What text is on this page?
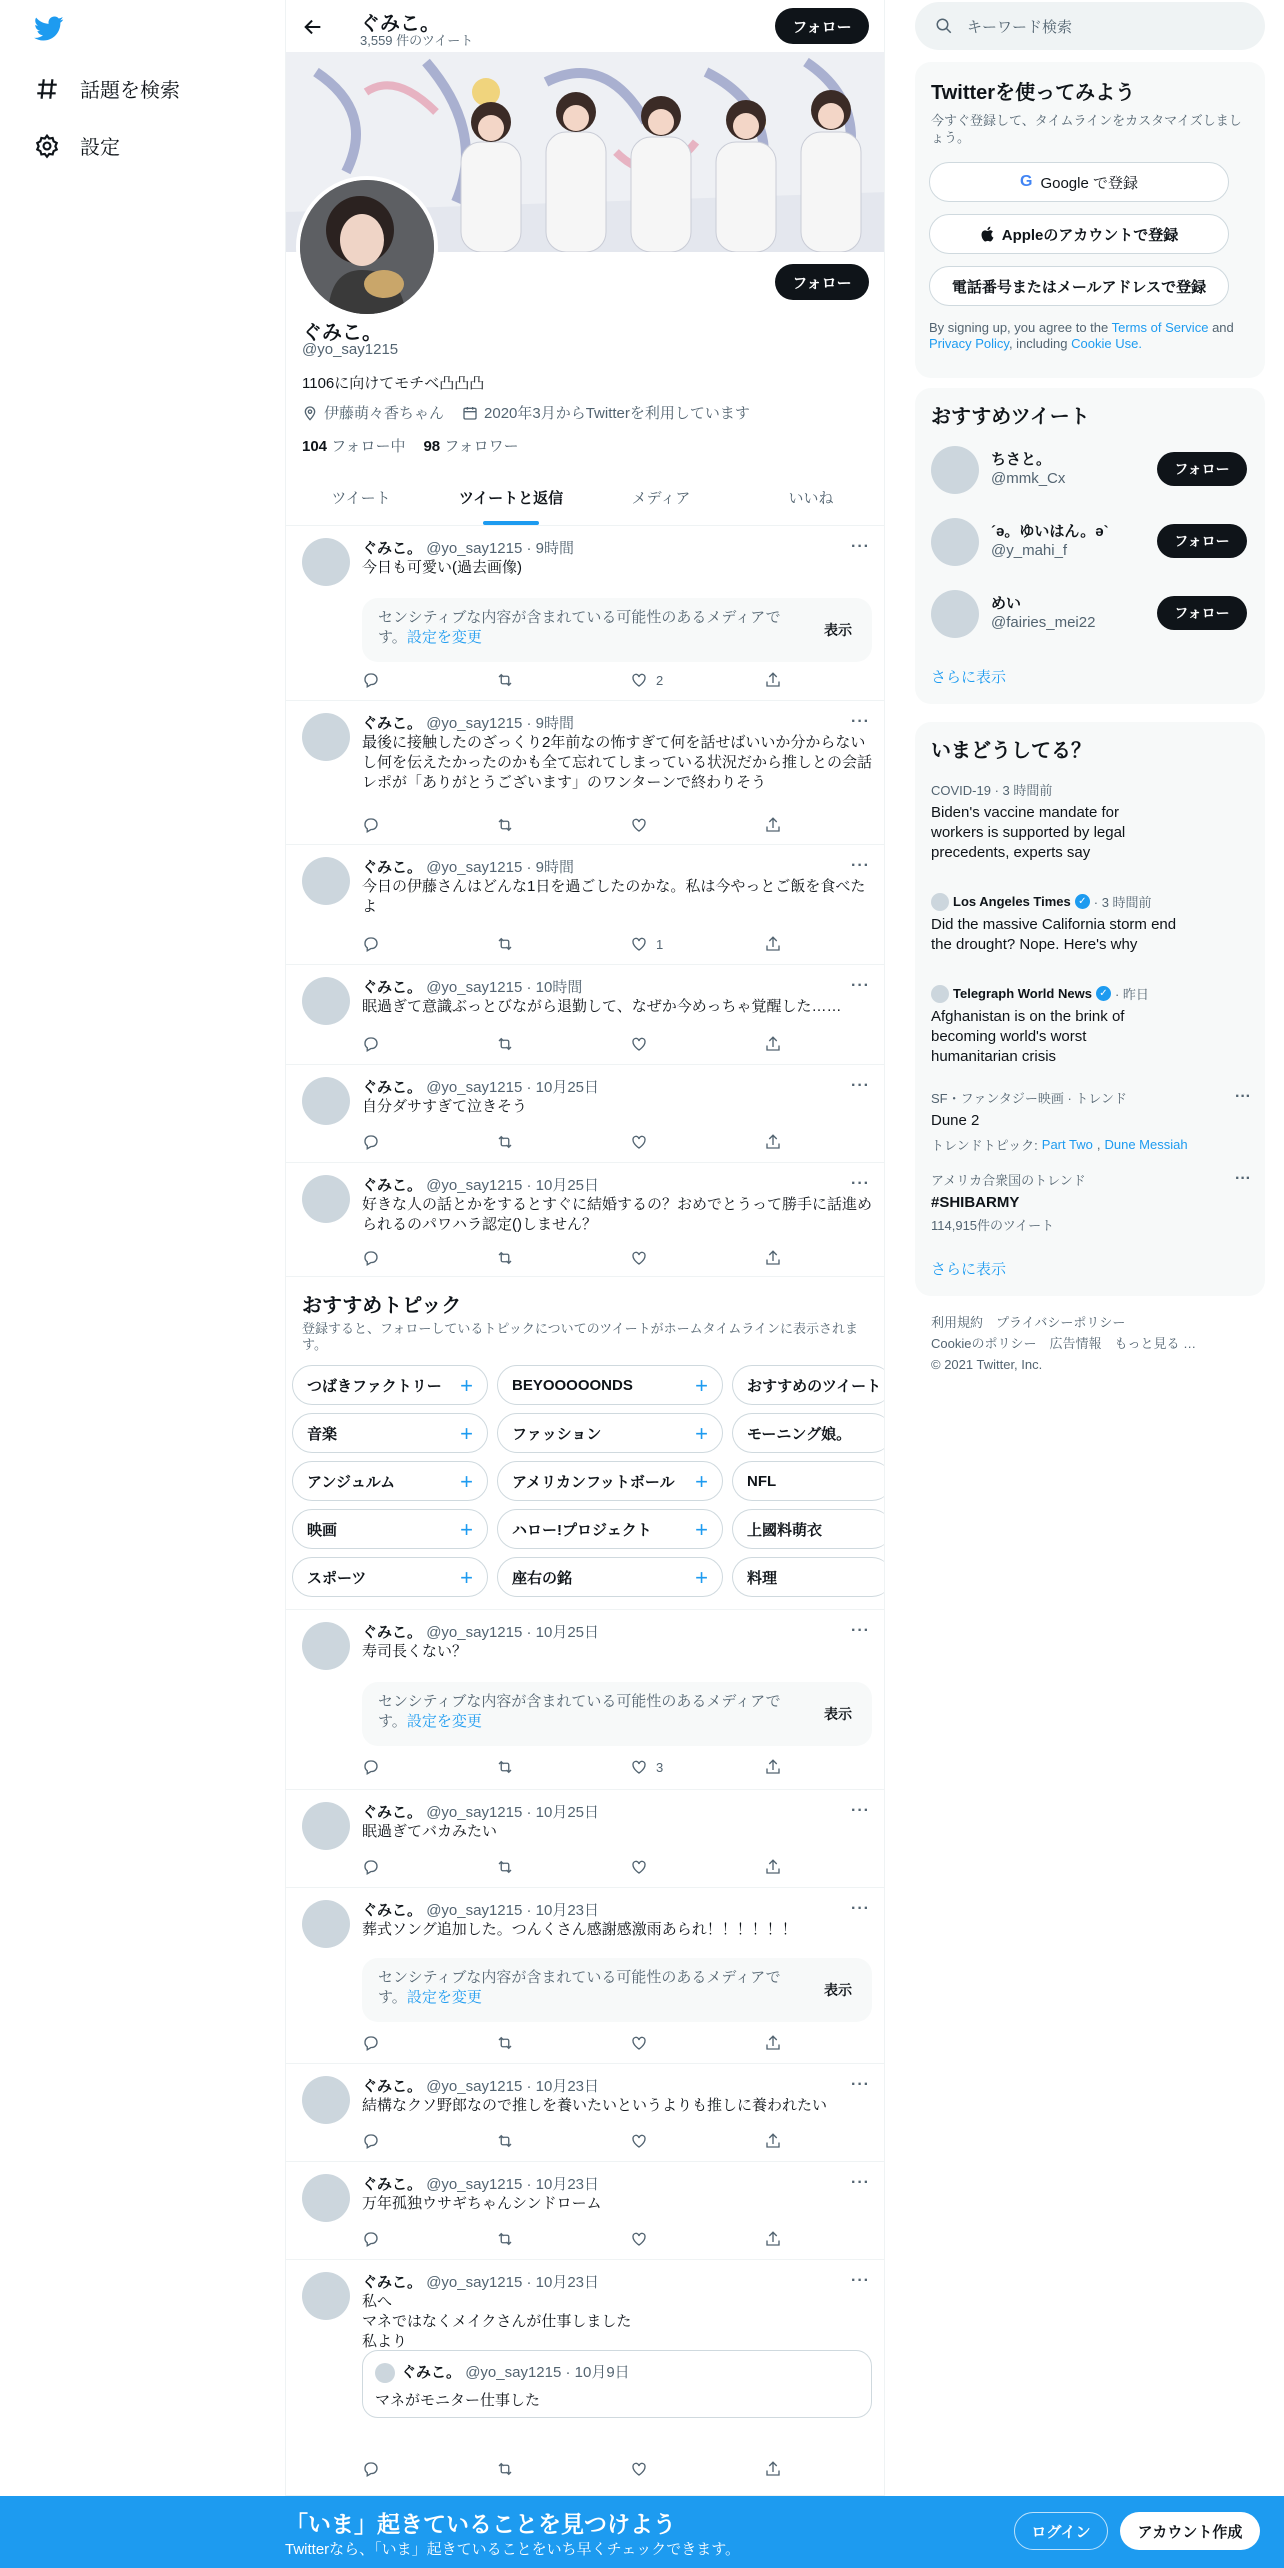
話題を検索
設定
ぐみこ。
3,559 件のツイート
フォロー
フォロー
ぐみこ。
@yo_say1215
1106に向けてモチベ凸凸凸
伊藤萌々香ちゃん	2020年3月からTwitterを利用しています
104 フォロー中 98 フォロワー
ツイート	ツイートと返信	メディア	いいね
ぐみこ。 @yo_say1215 · 9時間	···
今日も可愛い(過去画像)
センシティブな内容が含まれている可能性のあるメディアです。設定を変更	表示
2
ぐみこ。 @yo_say1215 · 9時間	···
最後に接触したのざっくり2年前なの怖すぎて何を話せばいいか分からないし何を伝えたかったのかも全て忘れてしまっている状況だから推しとの会話レポが「ありがとうございます」のワンターンで終わりそう
ぐみこ。 @yo_say1215 · 9時間	···
今日の伊藤さんはどんな1日を過ごしたのかな。私は今やっとご飯を食べたよ
1
ぐみこ。 @yo_say1215 · 10時間	···
眠過ぎて意識ぶっとびながら退勤して、なぜか今めっちゃ覚醒した……
ぐみこ。 @yo_say1215 · 10月25日	···
自分ダサすぎて泣きそう
ぐみこ。 @yo_say1215 · 10月25日	···
好きな人の話とかをするとすぐに結婚するの？おめでとうって勝手に話進められるのパワハラ認定()しません？
ぐみこ。 @yo_say1215 · 10月25日	···
寿司長くない？
センシティブな内容が含まれている可能性のあるメディアです。設定を変更	表示
3
ぐみこ。 @yo_say1215 · 10月25日	···
眠過ぎてバカみたい
ぐみこ。 @yo_say1215 · 10月23日	···
葬式ソング追加した。つんくさん感謝感激雨あられ！！！！！！
センシティブな内容が含まれている可能性のあるメディアです。設定を変更	表示
ぐみこ。 @yo_say1215 · 10月23日	···
結構なクソ野郎なので推しを養いたいというよりも推しに養われたい
ぐみこ。 @yo_say1215 · 10月23日	···
万年孤独ウサギちゃんシンドローム
ぐみこ。 @yo_say1215 · 10月23日	···
私へ
マネではなくメイクさんが仕事しました
私より
ぐみこ。 @yo_say1215 · 10月9日
マネがモニター仕事した
おすすめトピック
登録すると、フォローしているトピックについてのツイートがホームタイムラインに表示されます。
つばきファクトリー +	BEYOOOOONDS	+	おすすめのツイート
音楽	+	ファッション	+	モーニング娘。
アンジュルム	+	アメリカンフットボール +	NFL
映画	+	ハロー!プロジェクト +	上國料萌衣
スポーツ	+	座右の銘	+	料理
キーワード検索
Twitterを使ってみよう
今すぐ登録して、タイムラインをカスタマイズしましょう。
G Google で登録
Appleのアカウントで登録
電話番号またはメールアドレスで登録
By signing up, you agree to the Terms of Service and Privacy Policy, including Cookie Use.
おすすめツイート
ちさと。
@mmk_Cx
フォロー
´ə。ゆいはん。ə`
@y_mahi_f
フォロー
めい
@fairies_mei22
フォロー
さらに表示
いまどうしてる？
COVID-19 · 3 時間前
Biden's vaccine mandate for workers is supported by legal precedents, experts say
Los Angeles Times ✓ · 3 時間前
Did the massive California storm end the drought? Nope. Here's why
Telegraph World News ✓ · 昨日
Afghanistan is on the brink of becoming world's worst humanitarian crisis
SF・ファンタジー映画 · トレンド
Dune 2
トレンドトピック: Part Two , Dune Messiah
···
アメリカ合衆国のトレンド
#SHIBARMY
114,915件のツイート
···
さらに表示
利用規約　プライバシーポリシー
Cookieのポリシー　広告情報　もっと見る …
© 2021 Twitter, Inc.
「いま」起きていることを見つけよう
Twitterなら、「いま」起きていることをいち早くチェックできます。
ログイン	アカウント作成
